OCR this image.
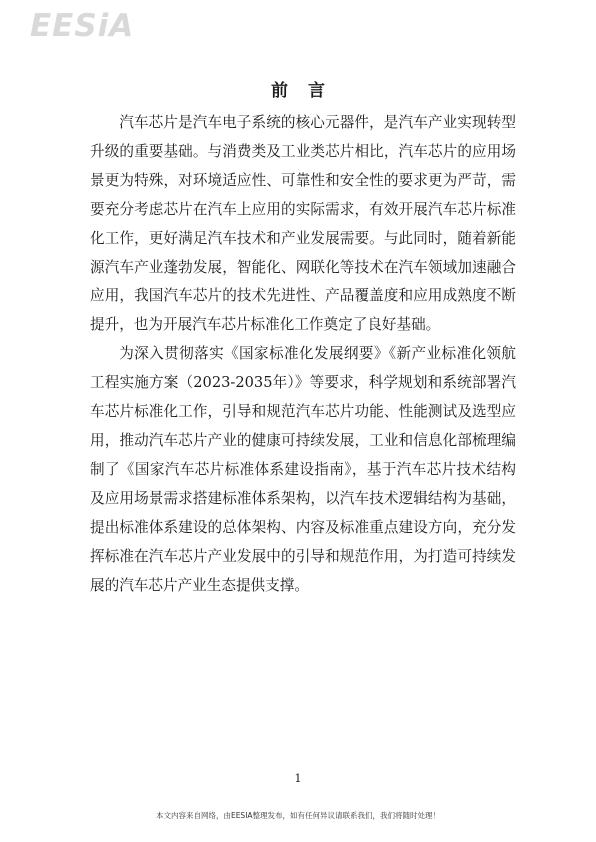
EESiA
前言

汽车芯片是汽车电子系统的核心元器件，是汽车产业实现转型升级的重要基础。与消费类及工业类芯片相比，汽车芯片的应用场景更为特殊，对环境适应性、可靠性和安全性的要求更为严苛，需要充分考虑芯片在汽车上应用的实际需求，有效开展汽车芯片标准化工作，更好满足汽车技术和产业发展需要。与此同时，随着新能源汽车产业蓬勃发展，智能化、网联化等技术在汽车领域加速融合应用，我国汽车芯片的技术先进性、产品覆盖度和应用成熟度不断提升，也为开展汽车芯片标准化工作奠定了良好基础。

为深入贯彻落实《国家标准化发展纲要》《新产业标准化领航工程实施方案（2023-2035年）》等要求，科学规划和系统部署汽车芯片标准化工作，引导和规范汽车芯片功能、性能测试及选型应用，推动汽车芯片产业的健康可持续发展，工业和信息化部梳理编制了《国家汽车芯片标准体系建设指南》，基于汽车芯片技术结构及应用场景需求搭建标准体系架构，以汽车技术逻辑结构为基础，提出标准体系建设的总体架构、内容及标准重点建设方向，充分发挥标准在汽车芯片产业发展中的引导和规范作用，为打造可持续发展的汽车芯片产业生态提供支撑。

1
本文内容来自网络，由EESIA整理发布，如有任何异议请联系我们，我们将随时处理！
